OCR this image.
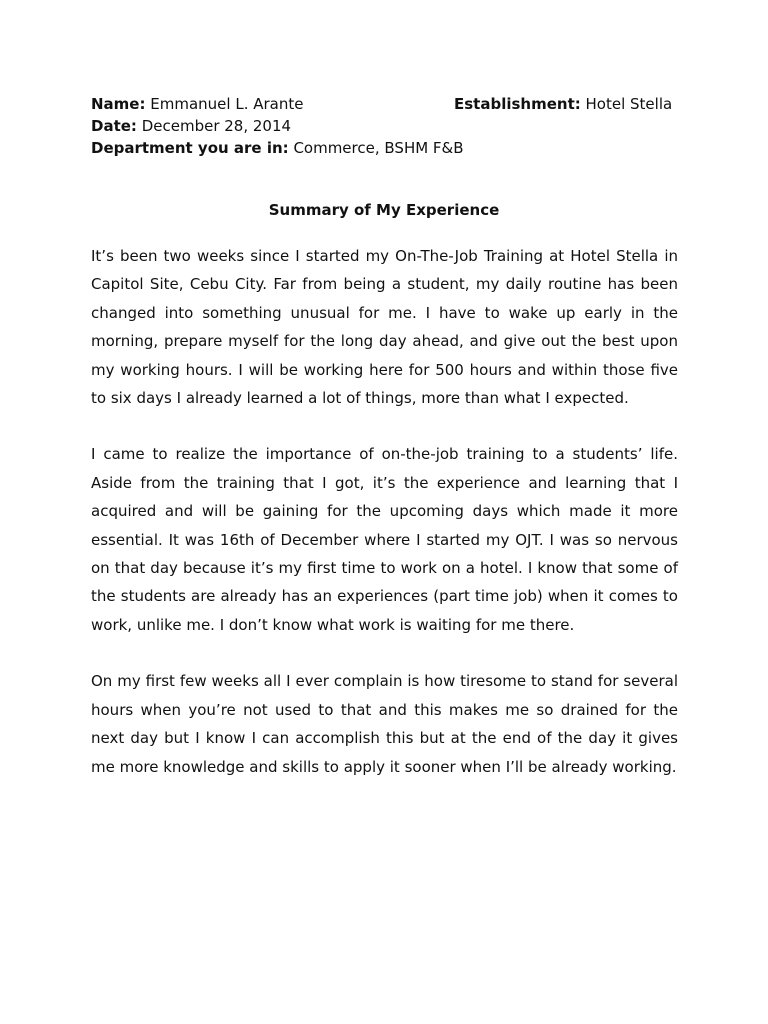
Name: Emmanuel L. Arante	Establishment: Hotel Stella
Date: December 28, 2014
Department you are in: Commerce, BSHM F&B
Summary of My Experience

It’s been two weeks since I started my On-The-Job Training at Hotel Stella in Capitol Site, Cebu City. Far from being a student, my daily routine has been changed into something unusual for me. I have to wake up early in the morning, prepare myself for the long day ahead, and give out the best upon my working hours. I will be working here for 500 hours and within those five to six days I already learned a lot of things, more than what I expected.

I came to realize the importance of on-the-job training to a students’ life. Aside from the training that I got, it’s the experience and learning that I acquired and will be gaining for the upcoming days which made it more essential. It was 16th of December where I started my OJT. I was so nervous on that day because it’s my first time to work on a hotel. I know that some of the students are already has an experiences (part time job) when it comes to work, unlike me. I don’t know what work is waiting for me there.

On my first few weeks all I ever complain is how tiresome to stand for several hours when you’re not used to that and this makes me so drained for the next day but I know I can accomplish this but at the end of the day it gives me more knowledge and skills to apply it sooner when I’ll be already working.
